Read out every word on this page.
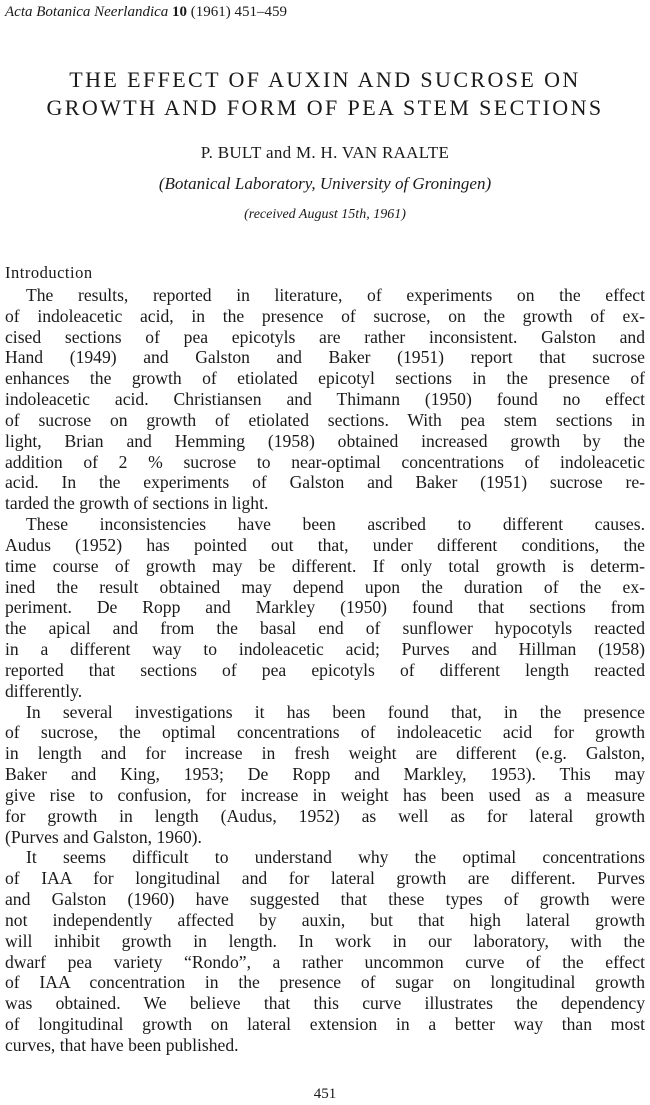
Acta Botanica Neerlandica 10 (1961) 451–459
THE EFFECT OF AUXIN AND SUCROSE ON
GROWTH AND FORM OF PEA STEM SECTIONS
P. BULT and M. H. VAN RAALTE
(Botanical Laboratory, University of Groningen)
(received August 15th, 1961)
Introduction
The results, reported in literature, of experiments on the effect
of indoleacetic acid, in the presence of sucrose, on the growth of ex-
cised sections of pea epicotyls are rather inconsistent. Galston and
Hand (1949) and Galston and Baker (1951) report that sucrose
enhances the growth of etiolated epicotyl sections in the presence of
indoleacetic acid. Christiansen and Thimann (1950) found no effect
of sucrose on growth of etiolated sections. With pea stem sections in
light, Brian and Hemming (1958) obtained increased growth by the
addition of 2 % sucrose to near-optimal concentrations of indoleacetic
acid. In the experiments of Galston and Baker (1951) sucrose re-
tarded the growth of sections in light.
These inconsistencies have been ascribed to different causes.
Audus (1952) has pointed out that, under different conditions, the
time course of growth may be different. If only total growth is determ-
ined the result obtained may depend upon the duration of the ex-
periment. De Ropp and Markley (1950) found that sections from
the apical and from the basal end of sunflower hypocotyls reacted
in a different way to indoleacetic acid; Purves and Hillman (1958)
reported that sections of pea epicotyls of different length reacted
differently.
In several investigations it has been found that, in the presence
of sucrose, the optimal concentrations of indoleacetic acid for growth
in length and for increase in fresh weight are different (e.g. Galston,
Baker and King, 1953; De Ropp and Markley, 1953). This may
give rise to confusion, for increase in weight has been used as a measure
for growth in length (Audus, 1952) as well as for lateral growth
(Purves and Galston, 1960).
It seems difficult to understand why the optimal concentrations
of IAA for longitudinal and for lateral growth are different. Purves
and Galston (1960) have suggested that these types of growth were
not independently affected by auxin, but that high lateral growth
will inhibit growth in length. In work in our laboratory, with the
dwarf pea variety “Rondo”, a rather uncommon curve of the effect
of IAA concentration in the presence of sugar on longitudinal growth
was obtained. We believe that this curve illustrates the dependency
of longitudinal growth on lateral extension in a better way than most
curves, that have been published.
451
